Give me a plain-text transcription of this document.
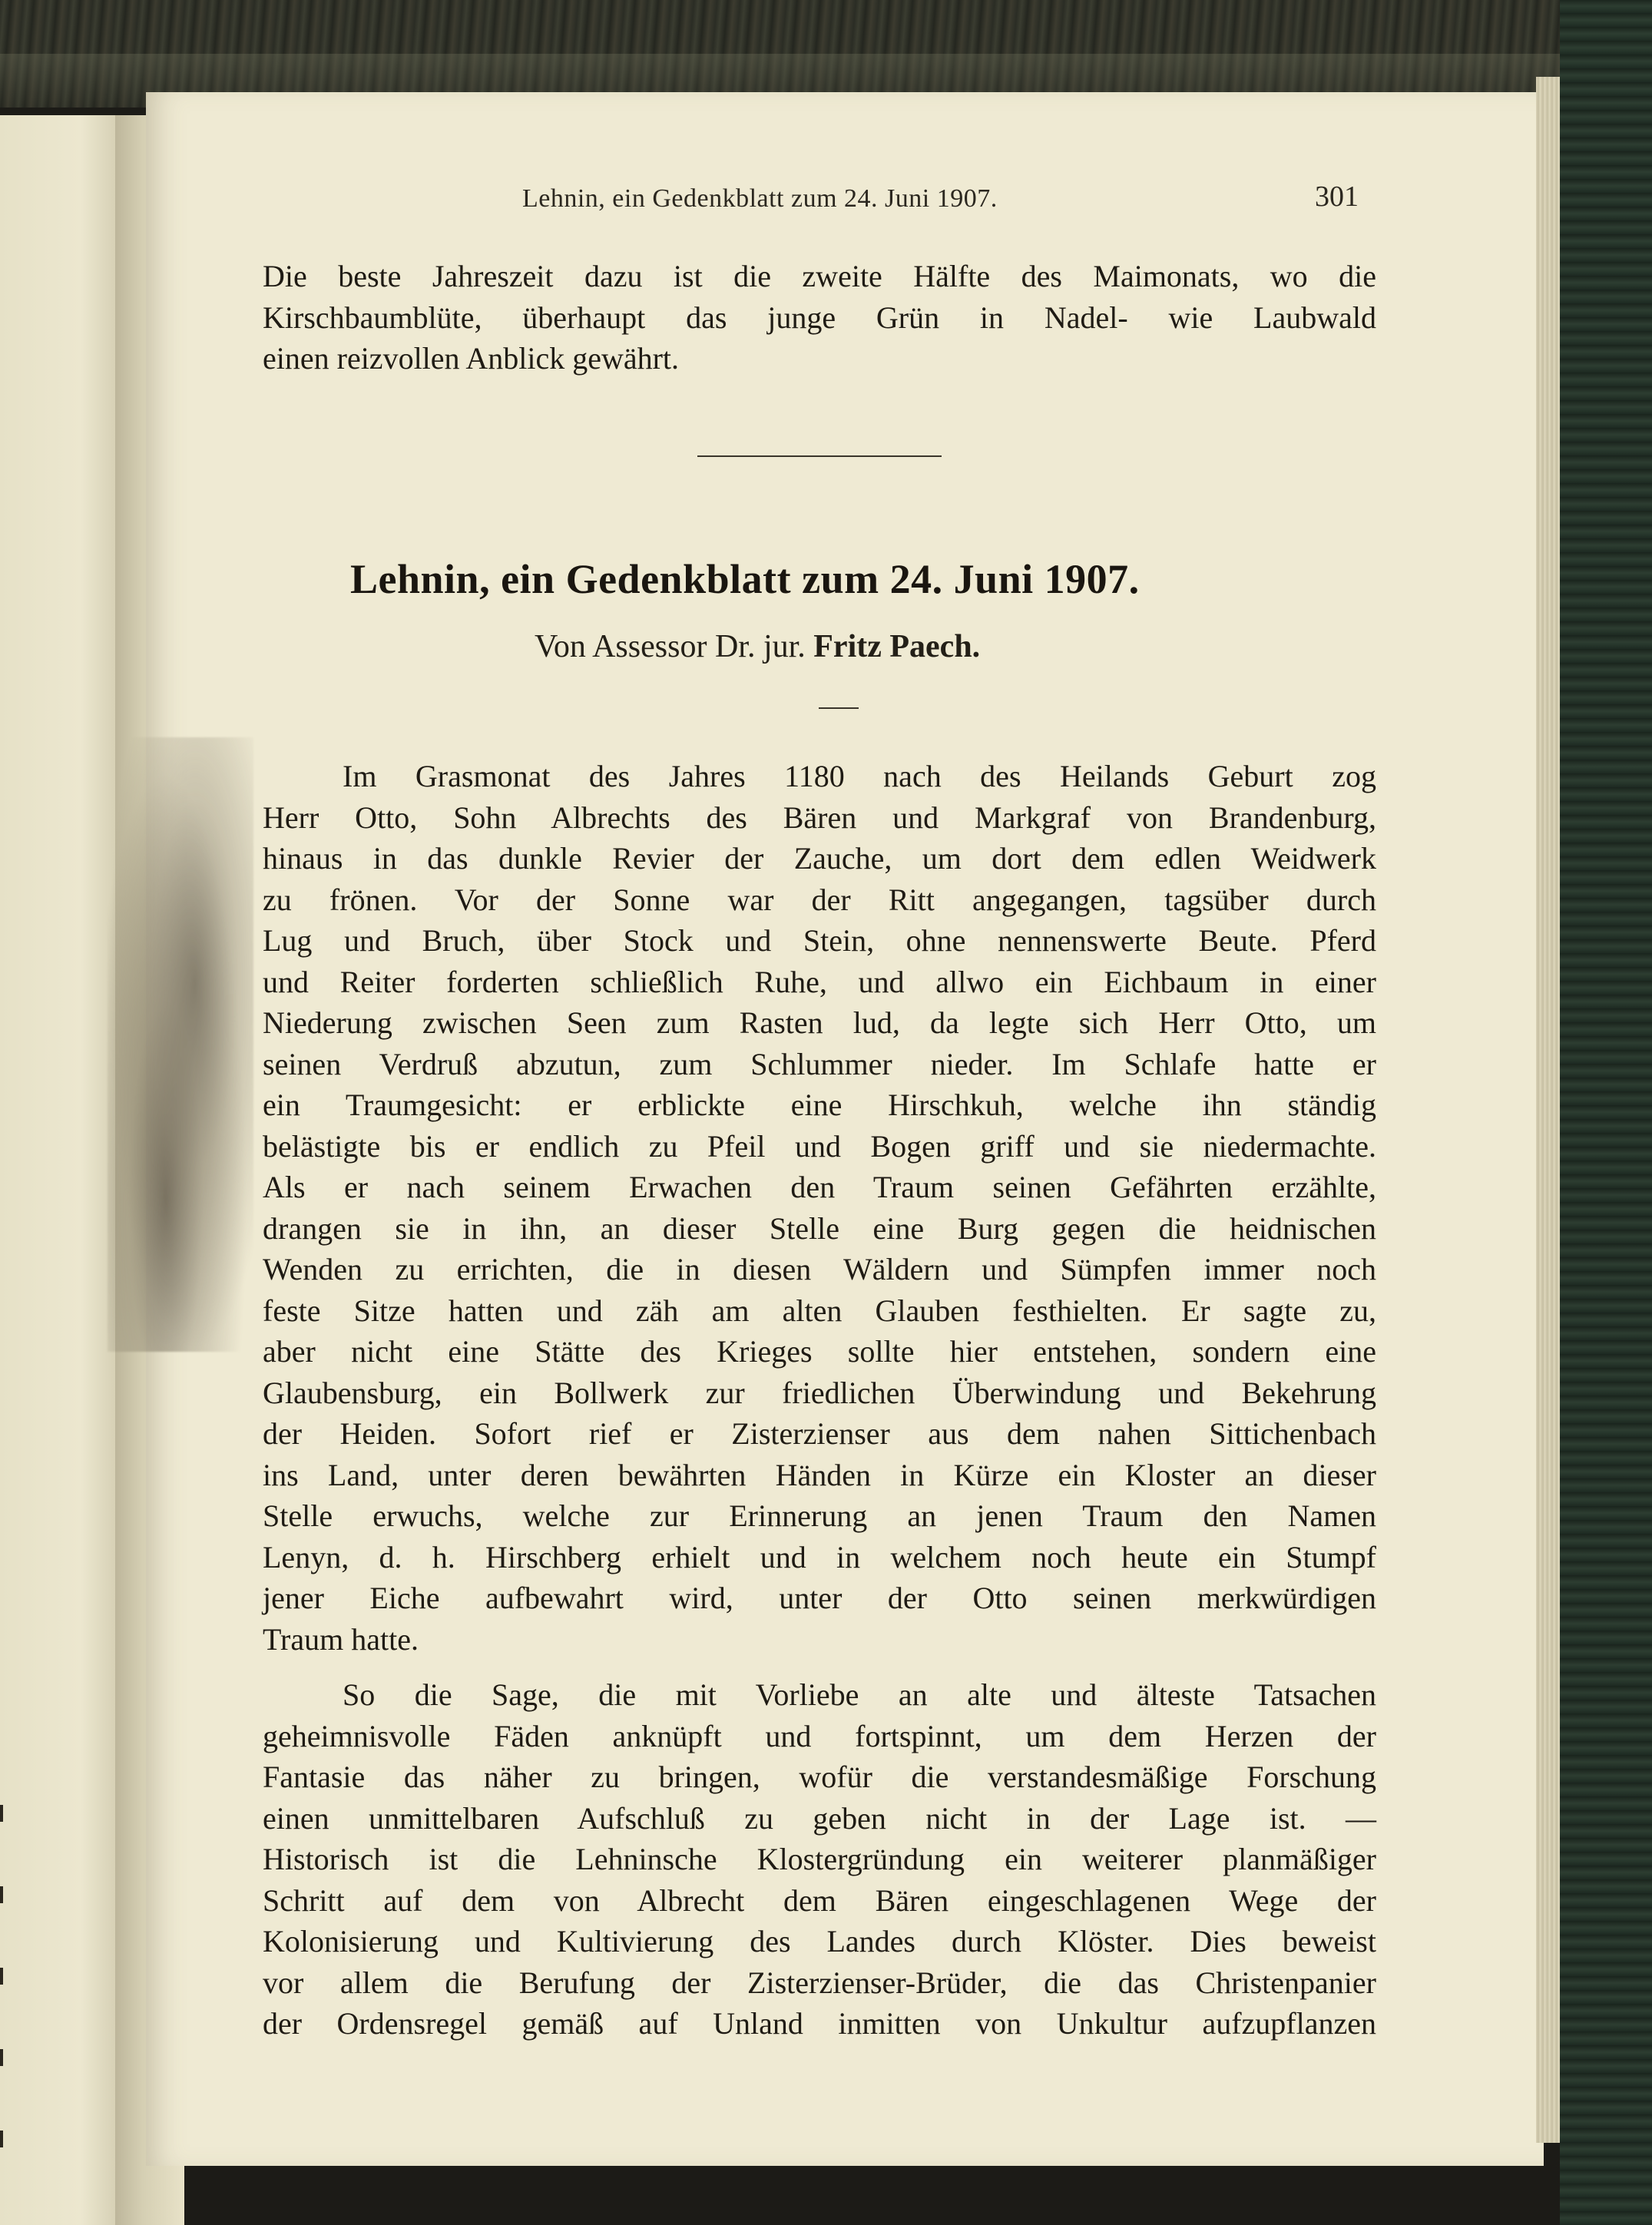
Lehnin, ein Gedenkblatt zum 24. Juni 1907.	301
Die beste Jahreszeit dazu ist die zweite Hälfte des Maimonats, wo die
Kirschbaumblüte, überhaupt das junge Grün in Nadel- wie Laubwald
einen reizvollen Anblick gewährt.
Lehnin, ein Gedenkblatt zum 24. Juni 1907.
Von Assessor Dr. jur. Fritz Paech.
Im Grasmonat des Jahres 1180 nach des Heilands Geburt zog
Herr Otto, Sohn Albrechts des Bären und Markgraf von Brandenburg,
hinaus in das dunkle Revier der Zauche, um dort dem edlen Weidwerk
zu frönen. Vor der Sonne war der Ritt angegangen, tagsüber durch
Lug und Bruch, über Stock und Stein, ohne nennenswerte Beute. Pferd
und Reiter forderten schließlich Ruhe, und allwo ein Eichbaum in einer
Niederung zwischen Seen zum Rasten lud, da legte sich Herr Otto, um
seinen Verdruß abzutun, zum Schlummer nieder. Im Schlafe hatte er
ein Traumgesicht: er erblickte eine Hirschkuh, welche ihn ständig
belästigte bis er endlich zu Pfeil und Bogen griff und sie niedermachte.
Als er nach seinem Erwachen den Traum seinen Gefährten erzählte,
drangen sie in ihn, an dieser Stelle eine Burg gegen die heidnischen
Wenden zu errichten, die in diesen Wäldern und Sümpfen immer noch
feste Sitze hatten und zäh am alten Glauben festhielten. Er sagte zu,
aber nicht eine Stätte des Krieges sollte hier entstehen, sondern eine
Glaubensburg, ein Bollwerk zur friedlichen Überwindung und Bekehrung
der Heiden. Sofort rief er Zisterzienser aus dem nahen Sittichenbach
ins Land, unter deren bewährten Händen in Kürze ein Kloster an dieser
Stelle erwuchs, welche zur Erinnerung an jenen Traum den Namen
Lenyn, d. h. Hirschberg erhielt und in welchem noch heute ein Stumpf
jener Eiche aufbewahrt wird, unter der Otto seinen merkwürdigen
Traum hatte.
So die Sage, die mit Vorliebe an alte und älteste Tatsachen
geheimnisvolle Fäden anknüpft und fortspinnt, um dem Herzen der
Fantasie das näher zu bringen, wofür die verstandesmäßige Forschung
einen unmittelbaren Aufschluß zu geben nicht in der Lage ist. —
Historisch ist die Lehninsche Klostergründung ein weiterer planmäßiger
Schritt auf dem von Albrecht dem Bären eingeschlagenen Wege der
Kolonisierung und Kultivierung des Landes durch Klöster. Dies beweist
vor allem die Berufung der Zisterzienser-Brüder, die das Christenpanier
der Ordensregel gemäß auf Unland inmitten von Unkultur aufzupflanzen
